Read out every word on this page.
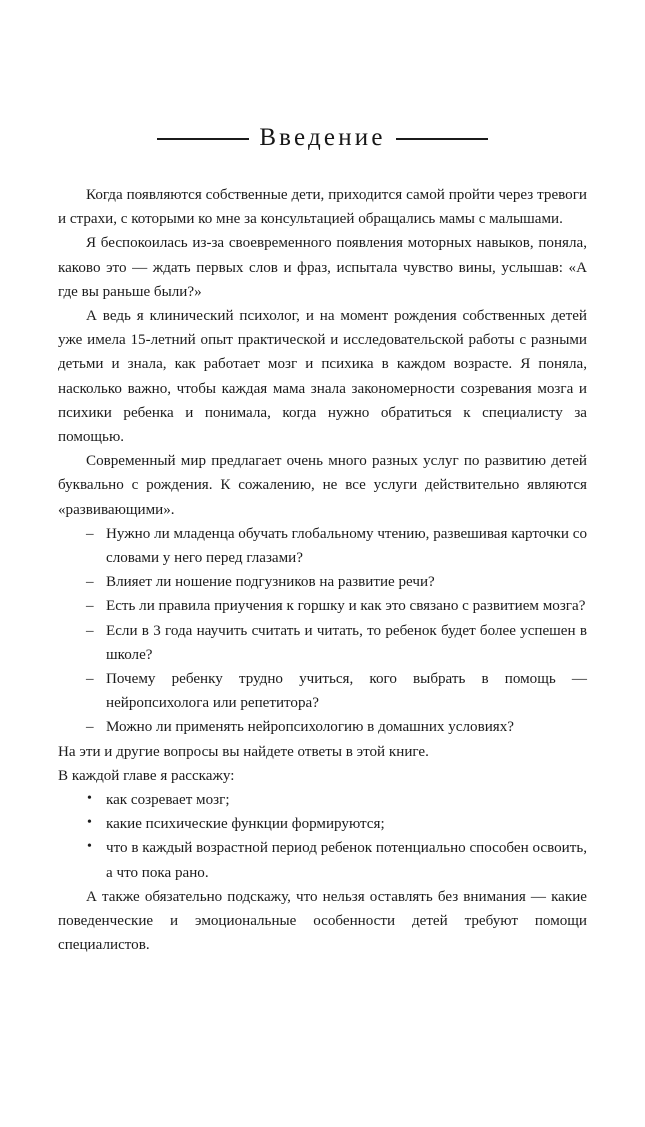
Введение

Когда появляются собственные дети, приходится самой пройти через тревоги и страхи, с которыми ко мне за консультацией обращались мамы с малышами.

Я беспокоилась из-за своевременного появления моторных навыков, поняла, каково это — ждать первых слов и фраз, испытала чувство вины, услышав: «А где вы раньше были?»

А ведь я клинический психолог, и на момент рождения собственных детей уже имела 15-летний опыт практической и исследовательской работы с разными детьми и знала, как работает мозг и психика в каждом возрасте. Я поняла, насколько важно, чтобы каждая мама знала закономерности созревания мозга и психики ребенка и понимала, когда нужно обратиться к специалисту за помощью.

Современный мир предлагает очень много разных услуг по развитию детей буквально с рождения. К сожалению, не все услуги действительно являются «развивающими».

– Нужно ли младенца обучать глобальному чтению, развешивая карточки со словами у него перед глазами?
– Влияет ли ношение подгузников на развитие речи?
– Есть ли правила приучения к горшку и как это связано с развитием мозга?
– Если в 3 года научить считать и читать, то ребенок будет более успешен в школе?
– Почему ребенку трудно учиться, кого выбрать в помощь — нейропсихолога или репетитора?
– Можно ли применять нейропсихологию в домашних условиях?

На эти и другие вопросы вы найдете ответы в этой книге.

В каждой главе я расскажу:

• как созревает мозг;
• какие психические функции формируются;
• что в каждый возрастной период ребенок потенциально способен освоить, а что пока рано.

А также обязательно подскажу, что нельзя оставлять без внимания — какие поведенческие и эмоциональные особенности детей требуют помощи специалистов.
